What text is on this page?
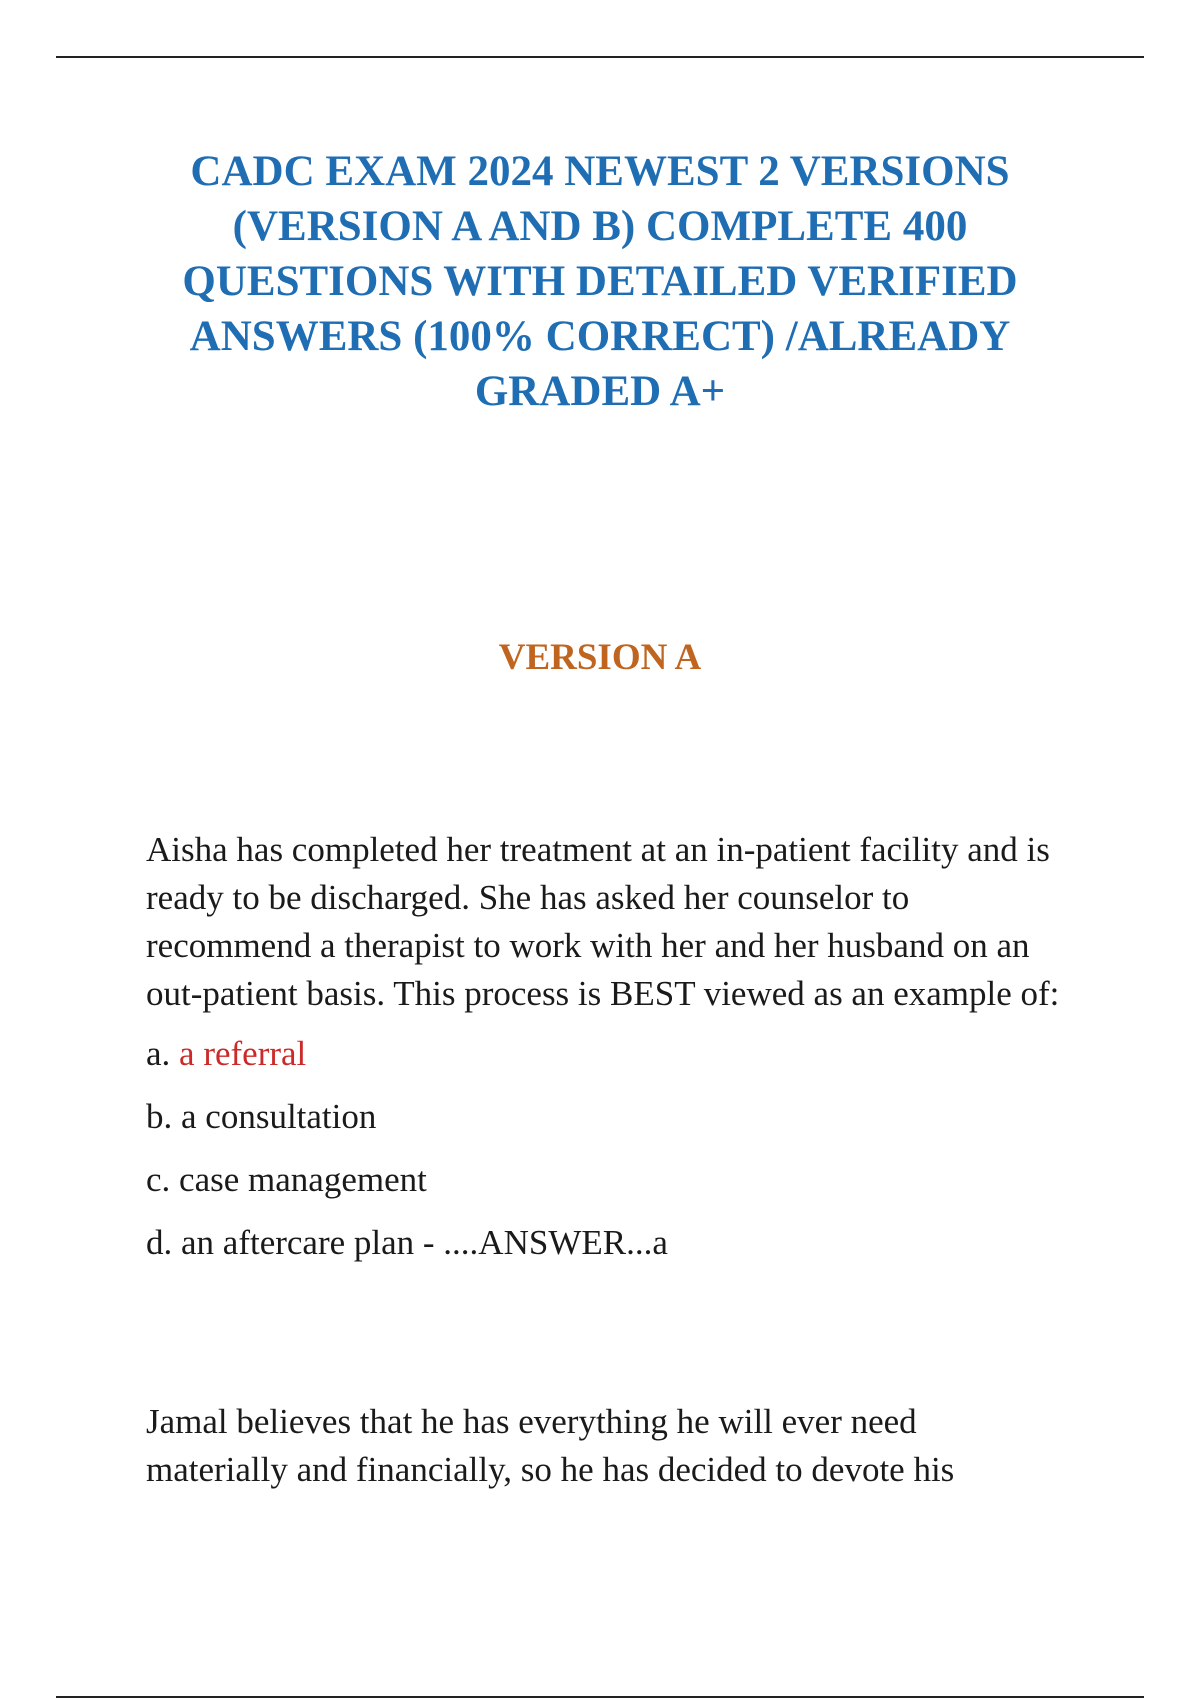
CADC EXAM 2024 NEWEST 2 VERSIONS (VERSION A AND B) COMPLETE 400 QUESTIONS WITH DETAILED VERIFIED ANSWERS (100% CORRECT) /ALREADY GRADED A+
VERSION A

Aisha has completed her treatment at an in-patient facility and is ready to be discharged. She has asked her counselor to recommend a therapist to work with her and her husband on an out-patient basis. This process is BEST viewed as an example of:

a. a referral
b. a consultation
c. case management
d. an aftercare plan - ....ANSWER...a

Jamal believes that he has everything he will ever need materially and financially, so he has decided to devote his
